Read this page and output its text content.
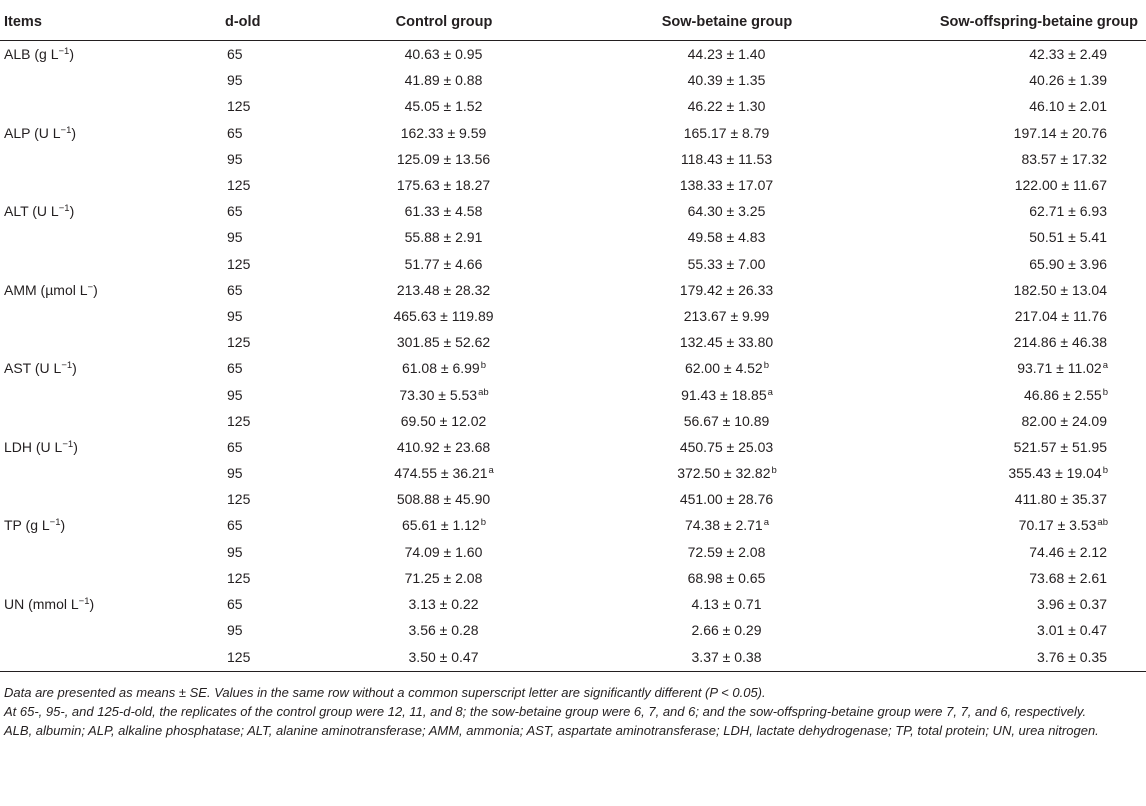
Items	d-old	Control group	Sow-betaine group	Sow-offspring-betaine group
ALB (g $L^{-1}$)	65	40.63 ± 0.95	44.23 ± 1.40	42.33 ± 2.49
	95	41.89 ± 0.88	40.39 ± 1.35	40.26 ± 1.39
	125	45.05 ± 1.52	46.22 ± 1.30	46.10 ± 2.01
ALP (U $L^{-1}$)	65	162.33 ± 9.59	165.17 ± 8.79	197.14 ± 20.76
	95	125.09 ± 13.56	118.43 ± 11.53	83.57 ± 17.32
	125	175.63 ± 18.27	138.33 ± 17.07	122.00 ± 11.67
ALT (U $L^{-1}$)	65	61.33 ± 4.58	64.30 ± 3.25	62.71 ± 6.93
	95	55.88 ± 2.91	49.58 ± 4.83	50.51 ± 5.41
	125	51.77 ± 4.66	55.33 ± 7.00	65.90 ± 3.96
AMM (µmol L−)	65	213.48 ± 28.32	179.42 ± 26.33	182.50 ± 13.04
	95	465.63 ± 119.89	213.67 ± 9.99	217.04 ± 11.76
	125	301.85 ± 52.62	132.45 ± 33.80	214.86 ± 46.38
AST (U $L^{-1}$)	65	61.08 ± 6.99$^b$	62.00 ± 4.52$^b$	93.71 ± 11.02$^a$
	95	73.30 ± 5.53$^{ab}$	91.43 ± 18.85$^a$	46.86 ± 2.55$^b$
	125	69.50 ± 12.02	56.67 ± 10.89	82.00 ± 24.09
LDH (U $L^{-1}$)	65	410.92 ± 23.68	450.75 ± 25.03	521.57 ± 51.95
	95	474.55 ± 36.21$^a$	372.50 ± 32.82$^b$	355.43 ± 19.04$^b$
	125	508.88 ± 45.90	451.00 ± 28.76	411.80 ± 35.37
TP (g $L^{-1}$)	65	65.61 ± 1.12$^b$	74.38 ± 2.71$^a$	70.17 ± 3.53$^{ab}$
	95	74.09 ± 1.60	72.59 ± 2.08	74.46 ± 2.12
	125	71.25 ± 2.08	68.98 ± 0.65	73.68 ± 2.61
UN (mmol $L^{-1}$)	65	3.13 ± 0.22	4.13 ± 0.71	3.96 ± 0.37
	95	3.56 ± 0.28	2.66 ± 0.29	3.01 ± 0.47
	125	3.50 ± 0.47	3.37 ± 0.38	3.76 ± 0.35

Data are presented as means ± SE. Values in the same row without a common superscript letter are significantly different (P < 0.05).

At 65-, 95-, and 125-d-old, the replicates of the control group were 12, 11, and 8; the sow-betaine group were 6, 7, and 6; and the sow-offspring-betaine group were 7, 7, and 6, respectively.

ALB, albumin; ALP, alkaline phosphatase; ALT, alanine aminotransferase; AMM, ammonia; AST, aspartate aminotransferase; LDH, lactate dehydrogenase; TP, total protein; UN, urea nitrogen.
